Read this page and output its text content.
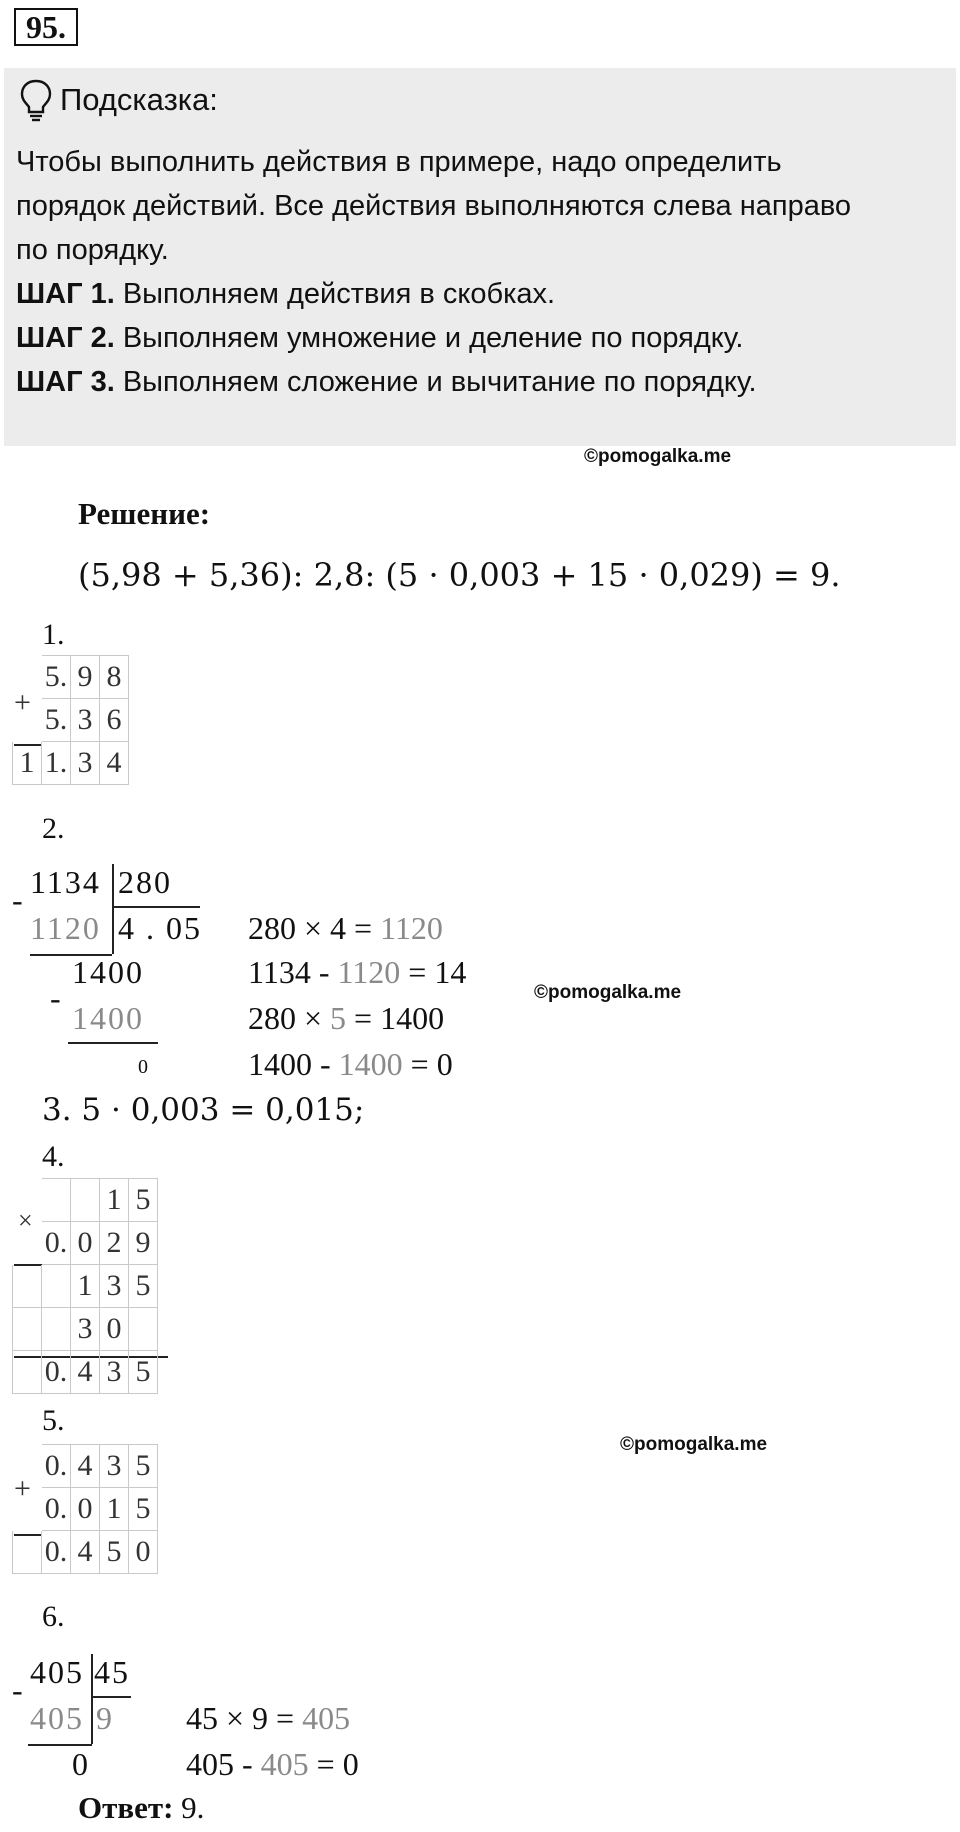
95.
Подсказка:
Чтобы выполнить действия в примере, надо определить
порядок действий. Все действия выполняются слева направо
по порядку.
ШАГ 1. Выполняем действия в скобках.
ШАГ 2. Выполняем умножение и деление по порядку.
ШАГ 3. Выполняем сложение и вычитание по порядку.
©pomogalka.me
Решение:
(5,98 + 5,36): 2,8: (5 · 0,003 + 15 · 0,029) = 9.
1.
+
	5.	9	8
	5.	3	6
1	1.	3	4
2.
1134 280
-
1120 4 . 05
1400
-
1400
0
280 × 4 = 1120
1134 - 1120 = 14
280 × 5 = 1400
1400 - 1400 = 0
©pomogalka.me
3. 5 · 0,003 = 0,015;
4.
×
			1	5
	0.	0	2	9
		1	3	5
		3	0	
	0.	4	3	5
5.
©pomogalka.me
+
	0.	4	3	5
	0.	0	1	5
	0.	4	5	0
6.
405 45
-
405 9
0
45 × 9 = 405
405 - 405 = 0
Ответ: 9.
